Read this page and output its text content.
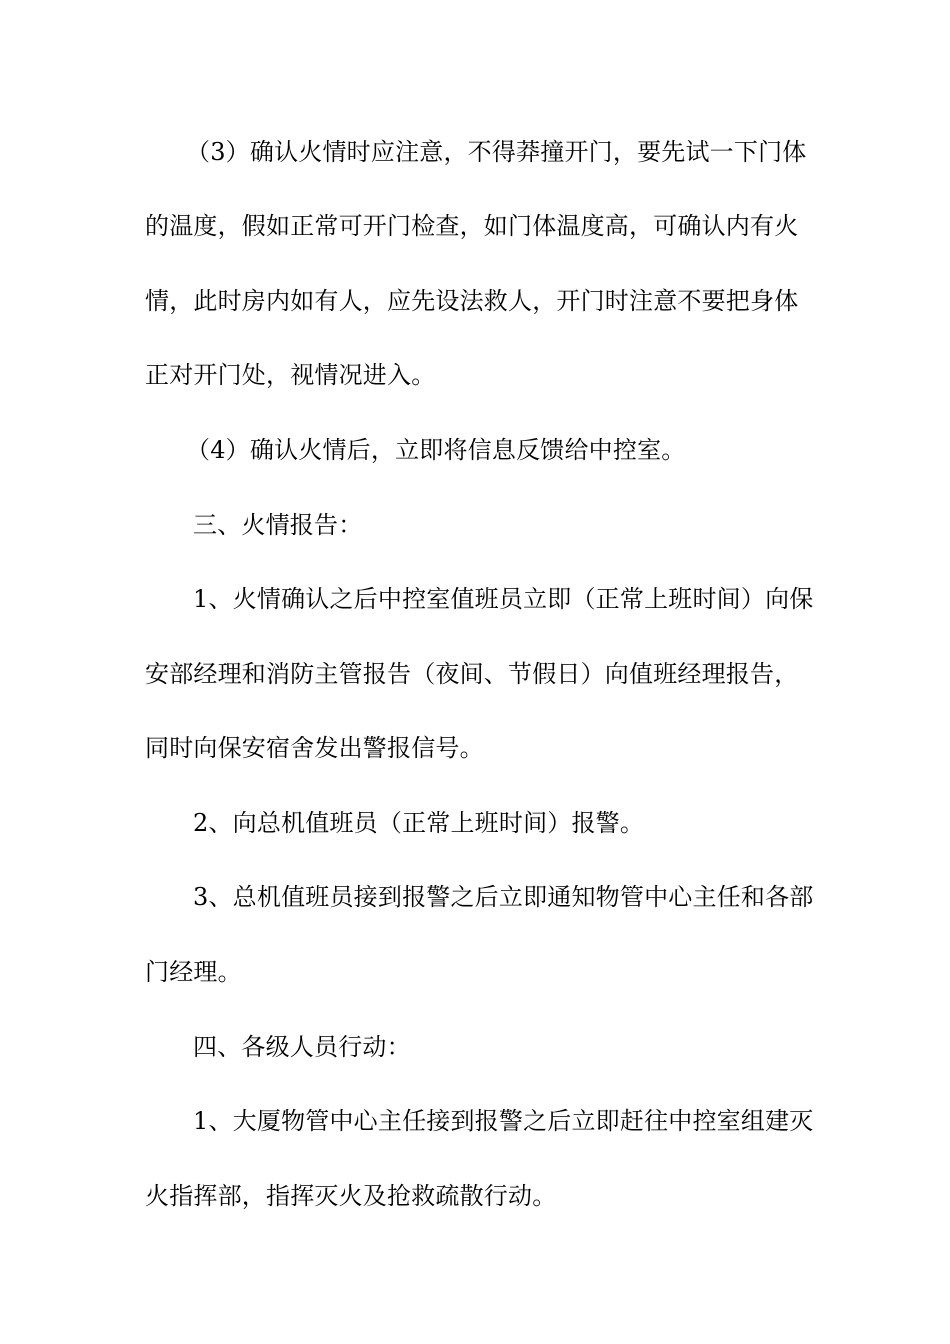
（3）确认火情时应注意，不得莽撞开门，要先试一下门体
的温度，假如正常可开门检查，如门体温度高，可确认内有火
情，此时房内如有人，应先设法救人，开门时注意不要把身体
正对开门处，视情况进入。
（4）确认火情后，立即将信息反馈给中控室。
三、火情报告：
1、火情确认之后中控室值班员立即（正常上班时间）向保
安部经理和消防主管报告（夜间、节假日）向值班经理报告，
同时向保安宿舍发出警报信号。
2、向总机值班员（正常上班时间）报警。
3、总机值班员接到报警之后立即通知物管中心主任和各部
门经理。
四、各级人员行动：
1、大厦物管中心主任接到报警之后立即赶往中控室组建灭
火指挥部，指挥灭火及抢救疏散行动。
